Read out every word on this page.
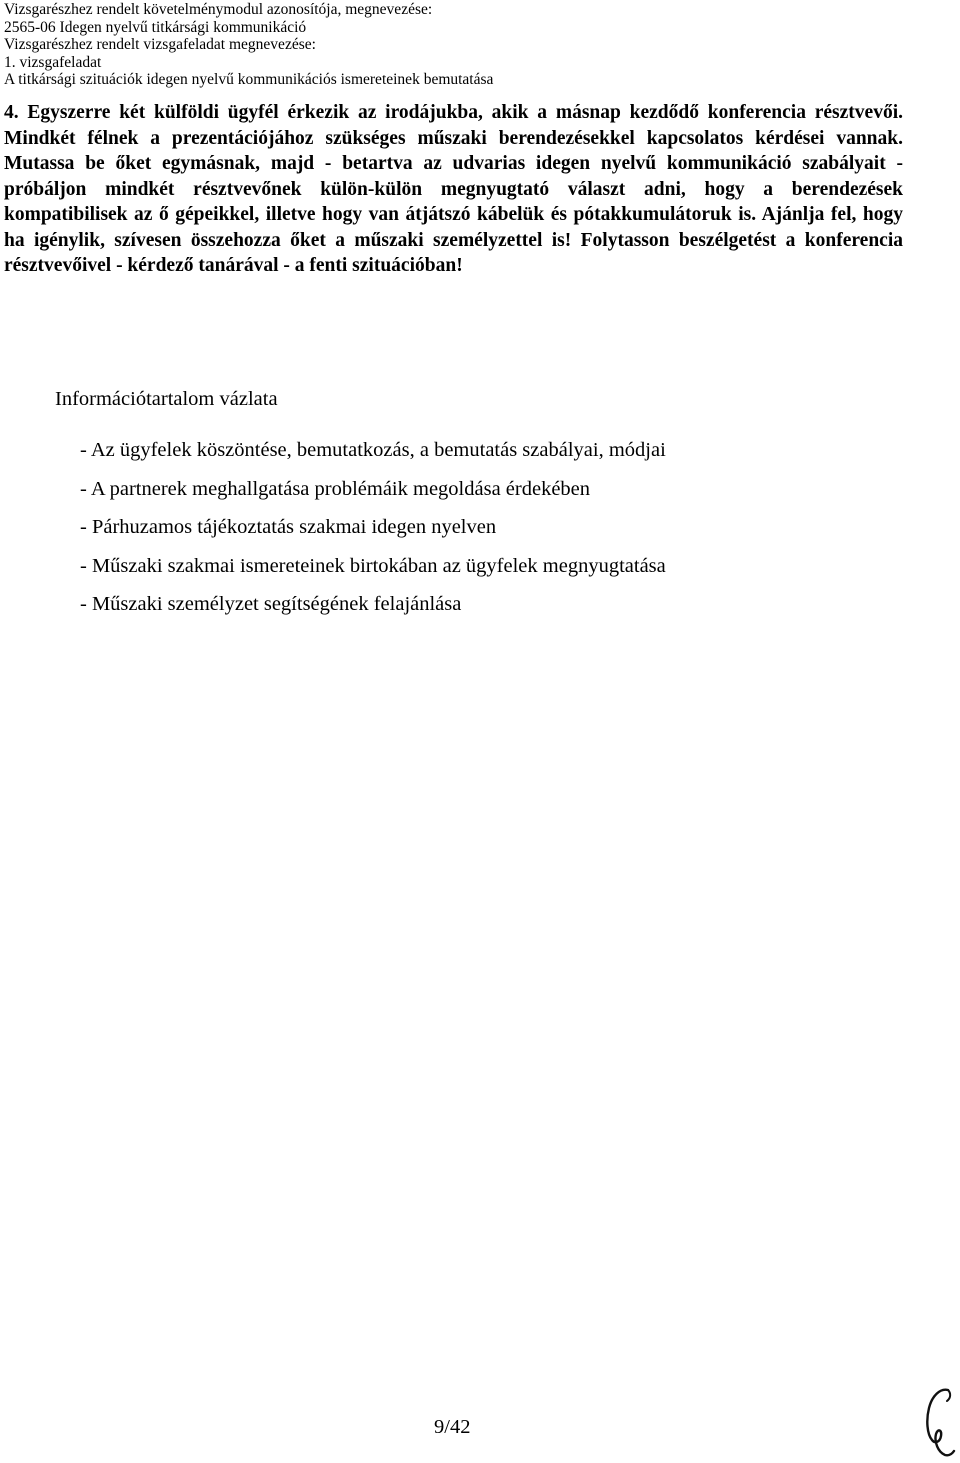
Vizsgarészhez rendelt követelménymodul azonosítója, megnevezése:
2565-06 Idegen nyelvű titkársági kommunikáció
Vizsgarészhez rendelt vizsgafeladat megnevezése:
1. vizsgafeladat
A titkársági szituációk idegen nyelvű kommunikációs ismereteinek bemutatása
4. Egyszerre két külföldi ügyfél érkezik az irodájukba, akik a másnap kezdődő konferencia résztvevői. Mindkét félnek a prezentációjához szükséges műszaki berendezésekkel kapcsolatos kérdései vannak. Mutassa be őket egymásnak, majd - betartva az udvarias idegen nyelvű kommunikáció szabályait - próbáljon mindkét résztvevőnek külön-külön megnyugtató választ adni, hogy a berendezések kompatibilisek az ő gépeikkel, illetve hogy van átjátszó kábelük és pótakkumulátoruk is. Ajánlja fel, hogy ha igénylik, szívesen összehozza őket a műszaki személyzettel is! Folytasson beszélgetést a konferencia résztvevőivel - kérdező tanárával - a fenti szituációban!
Információtartalom vázlata
- Az ügyfelek köszöntése, bemutatkozás, a bemutatás szabályai, módjai
- A partnerek meghallgatása problémáik megoldása érdekében
- Párhuzamos tájékoztatás szakmai idegen nyelven
- Műszaki szakmai ismereteinek birtokában az ügyfelek megnyugtatása
- Műszaki személyzet segítségének felajánlása
9/42
